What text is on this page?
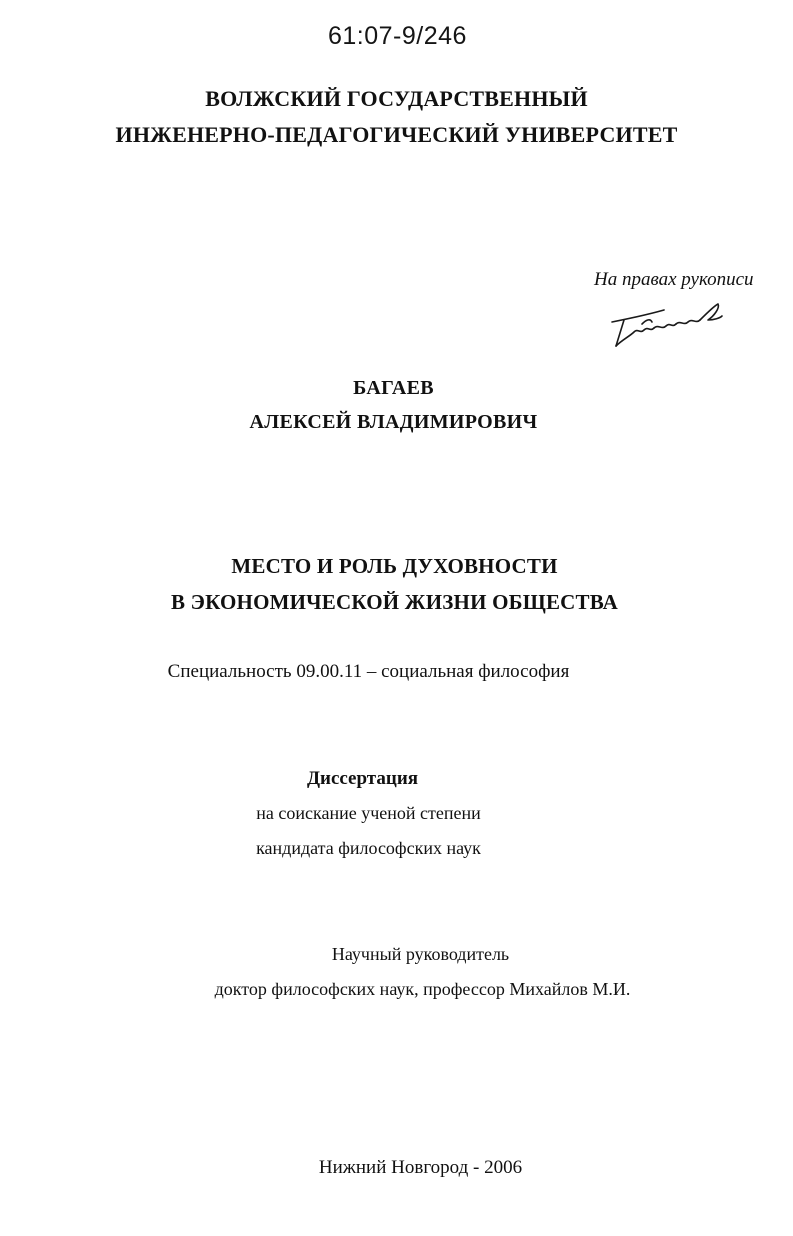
61:07-9/246
ВОЛЖСКИЙ ГОСУДАРСТВЕННЫЙ
ИНЖЕНЕРНО-ПЕДАГОГИЧЕСКИЙ УНИВЕРСИТЕТ
На правах рукописи
БАГАЕВ
АЛЕКСЕЙ ВЛАДИМИРОВИЧ
МЕСТО И РОЛЬ ДУХОВНОСТИ
В ЭКОНОМИЧЕСКОЙ ЖИЗНИ ОБЩЕСТВА
Специальность 09.00.11 – социальная философия
Диссертация
на соискание ученой степени
кандидата философских наук
Научный руководитель
доктор философских наук, профессор Михайлов М.И.
Нижний Новгород - 2006
